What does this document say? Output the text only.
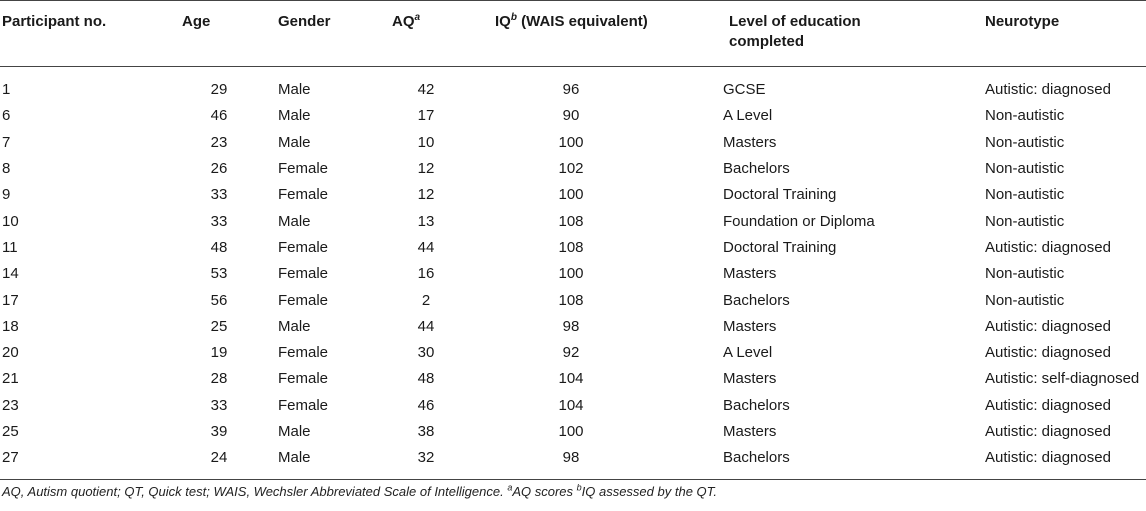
Participant no.	Age	Gender	$AQ^a$	$IQ^b$ (WAIS equivalent)	Level of education completed	Neurotype
1	29	Male	42	96	GCSE	Autistic: diagnosed
6	46	Male	17	90	A Level	Non-autistic
7	23	Male	10	100	Masters	Non-autistic
8	26	Female	12	102	Bachelors	Non-autistic
9	33	Female	12	100	Doctoral Training	Non-autistic
10	33	Male	13	108	Foundation or Diploma	Non-autistic
11	48	Female	44	108	Doctoral Training	Autistic: diagnosed
14	53	Female	16	100	Masters	Non-autistic
17	56	Female	2	108	Bachelors	Non-autistic
18	25	Male	44	98	Masters	Autistic: diagnosed
20	19	Female	30	92	A Level	Autistic: diagnosed
21	28	Female	48	104	Masters	Autistic: self-diagnosed
23	33	Female	46	104	Bachelors	Autistic: diagnosed
25	39	Male	38	100	Masters	Autistic: diagnosed
27	24	Male	32	98	Bachelors	Autistic: diagnosed
AQ, Autism quotient; QT, Quick test; WAIS, Wechsler Abbreviated Scale of Intelligence. $^a$AQ scores $^b$IQ assessed by the QT.
